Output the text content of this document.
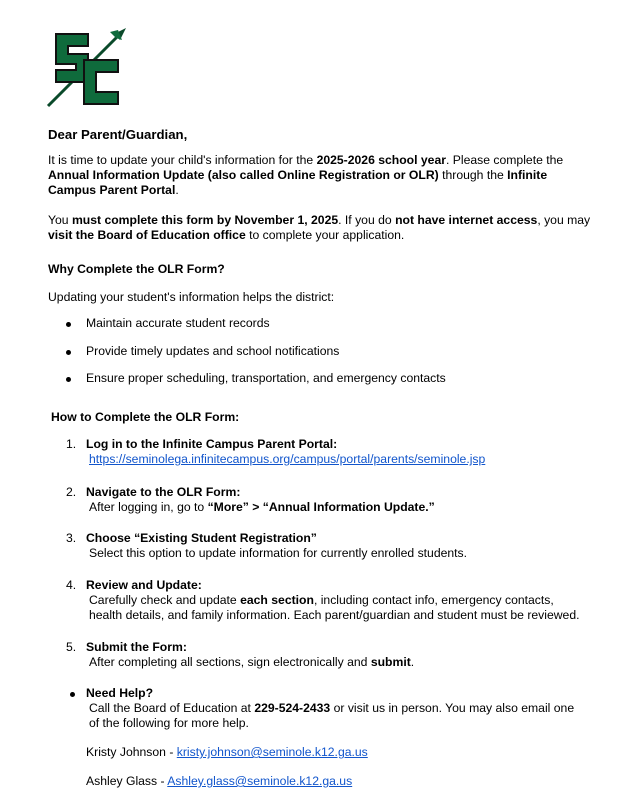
Dear Parent/Guardian,
It is time to update your child's information for the 2025-2026 school year. Please complete the Annual Information Update (also called Online Registration or OLR) through the Infinite Campus Parent Portal.
You must complete this form by November 1, 2025. If you do not have internet access, you may visit the Board of Education office to complete your application.
Why Complete the OLR Form?
Updating your student's information helps the district:
Maintain accurate student records
Provide timely updates and school notifications
Ensure proper scheduling, transportation, and emergency contacts
How to Complete the OLR Form:
1. Log in to the Infinite Campus Parent Portal:
https://seminolega.infinitecampus.org/campus/portal/parents/seminole.jsp
2. Navigate to the OLR Form:
After logging in, go to “More” > “Annual Information Update.”
3. Choose “Existing Student Registration”
Select this option to update information for currently enrolled students.
4. Review and Update:
Carefully check and update each section, including contact info, emergency contacts, health details, and family information. Each parent/guardian and student must be reviewed.
5. Submit the Form:
After completing all sections, sign electronically and submit.
Need Help?
Call the Board of Education at 229-524-2433 or visit us in person. You may also email one of the following for more help.
Kristy Johnson - kristy.johnson@seminole.k12.ga.us
Ashley Glass - Ashley.glass@seminole.k12.ga.us
